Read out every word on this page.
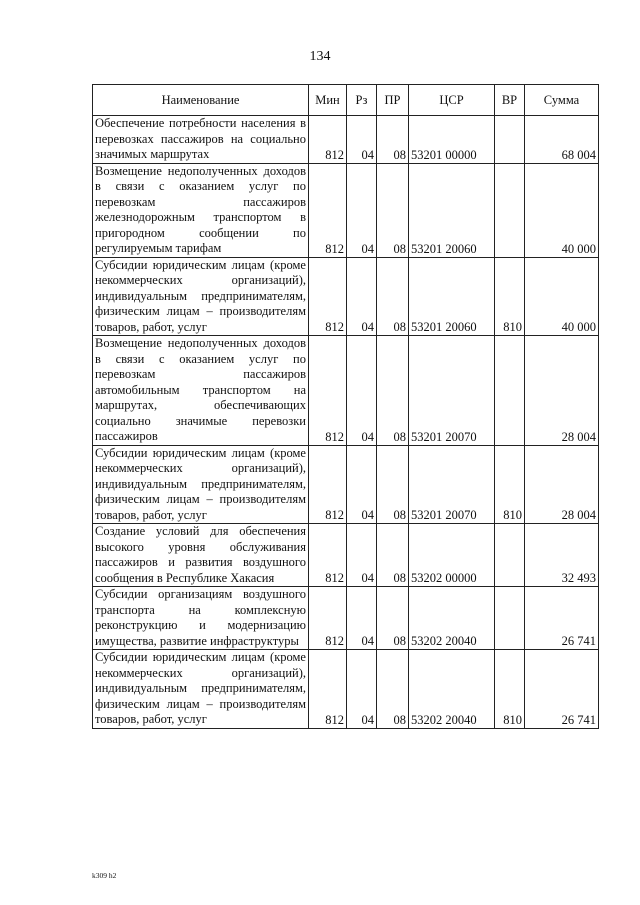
134
Наименование	Мин	Рз	ПР	ЦСР	ВР	Сумма
Обеспечение потребности населения в перевозках пассажиров на социально значимых маршрутах	812	04	08	53201 00000		68 004
Возмещение недополученных доходов в связи с оказанием услуг по перевозкам пассажиров железнодорожным транспортом в пригородном сообщении по регулируемым тарифам	812	04	08	53201 20060		40 000
Субсидии юридическим лицам (кроме некоммерческих организаций), индивидуальным предпринимателям, физическим лицам – производителям товаров, работ, услуг	812	04	08	53201 20060	810	40 000
Возмещение недополученных доходов в связи с оказанием услуг по перевозкам пассажиров автомобильным транспортом на маршрутах, обеспечивающих социально значимые перевозки пассажиров	812	04	08	53201 20070		28 004
Субсидии юридическим лицам (кроме некоммерческих организаций), индивидуальным предпринимателям, физическим лицам – производителям товаров, работ, услуг	812	04	08	53201 20070	810	28 004
Создание условий для обеспечения высокого уровня обслуживания пассажиров и развития воздушного сообщения в Республике Хакасия	812	04	08	53202 00000		32 493
Субсидии организациям воздушного транспорта на комплексную реконструкцию и модернизацию имущества, развитие инфраструктуры	812	04	08	53202 20040		26 741
Субсидии юридическим лицам (кроме некоммерческих организаций), индивидуальным предпринимателям, физическим лицам – производителям товаров, работ, услуг	812	04	08	53202 20040	810	26 741
k309 h2
